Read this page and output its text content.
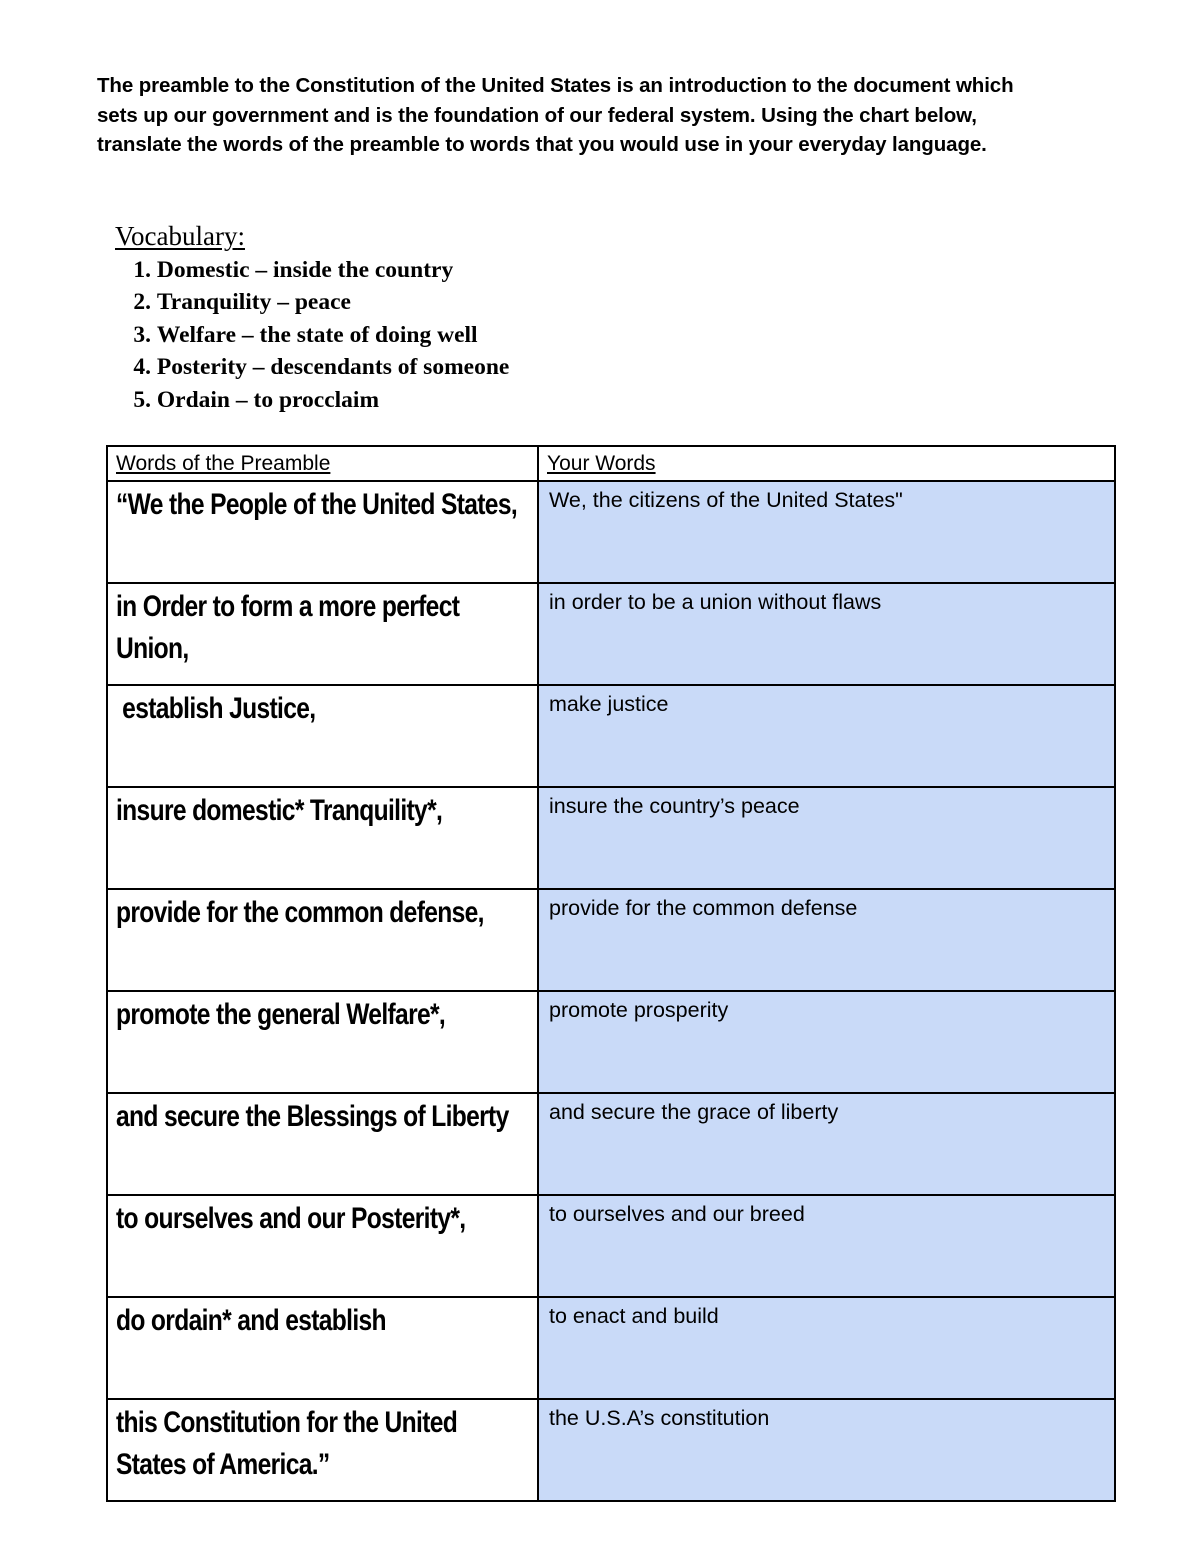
The preamble to the Constitution of the United States is an introduction to the document which sets up our government and is the foundation of our federal system. Using the chart below, translate the words of the preamble to words that you would use in your everyday language.

Vocabulary:

1.
Domestic – inside the country
2.
Tranquility – peace
3.
Welfare – the state of doing well
4.
Posterity – descendants of someone
5.
Ordain – to procclaim
Words of the Preamble	Your Words

“We the People of the United States,	We, the citizens of the United States"

in Order to form a more perfect Union,	in order to be a union without flaws

establish Justice,	make justice

insure domestic* Tranquility*,	insure the country’s peace

provide for the common defense,	provide for the common defense

promote the general Welfare*,	promote prosperity

and secure the Blessings of Liberty	and secure the grace of liberty

to ourselves and our Posterity*,	to ourselves and our breed

do ordain* and establish	to enact and build

this Constitution for the United States of America.”	the U.S.A’s constitution
